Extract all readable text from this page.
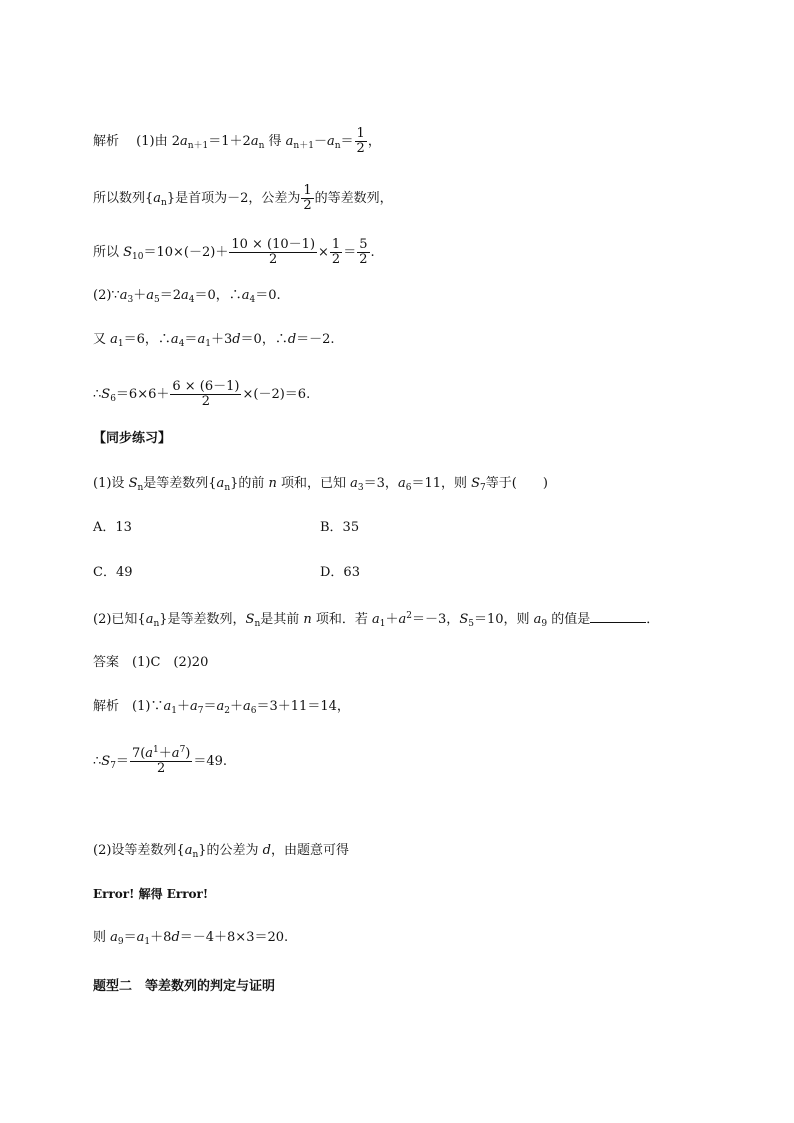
解析　 (1)由 $2a_{n+1}=1+2a_n$ 得 $a_{n+1}-a_n= \frac{1}{2}$ ，
所以数列$\{a_n\}$是首项为－2，公差为 $\frac{1}{2}$ 的等差数列，
所以 $S_{10}=10\times(-2)+ \frac{10 \times (10-1)}{2} \times \frac{1}{2} = \frac{5}{2}$ .
$(2)\because a_3+a_5=2a_4=0$，$\therefore a_4=0$.
又 $a_1=6$，$\therefore a_4=a_1+3d=0$，∴d＝－2.
$\therefore S_6=6\times 6+ \frac{6 \times (6-1)}{2} \times(-2)=6$.
【同步练习】
(1)设 $S_n$是等差数列$\{a_n\}$的前 n 项和，已知 $a_3=3$，$a_6=11$，则 $S_7$等于( )
A．13	B．35
C．49	D．63
(2)已知$\{a_n\}$是等差数列，$S_n$是其前 n 项和．若 $a_1+a^2=-3$，$S_5=10$，则 $a_9$ 的值是	．
答案　 (1)C　(2)20
解析　 $(1)\because a_1+a_7=a_2+a_6=3+11=14$，
$\therefore S_7= \frac{7(a^1+a^7)}{2} =49$.
(2)设等差数列$\{a_n\}$的公差为 d，由题意可得
Error! 解得 Error!
则 $a_9=a_1+8d=-4+8\times 3=20$.
题型二　等差数列的判定与证明
